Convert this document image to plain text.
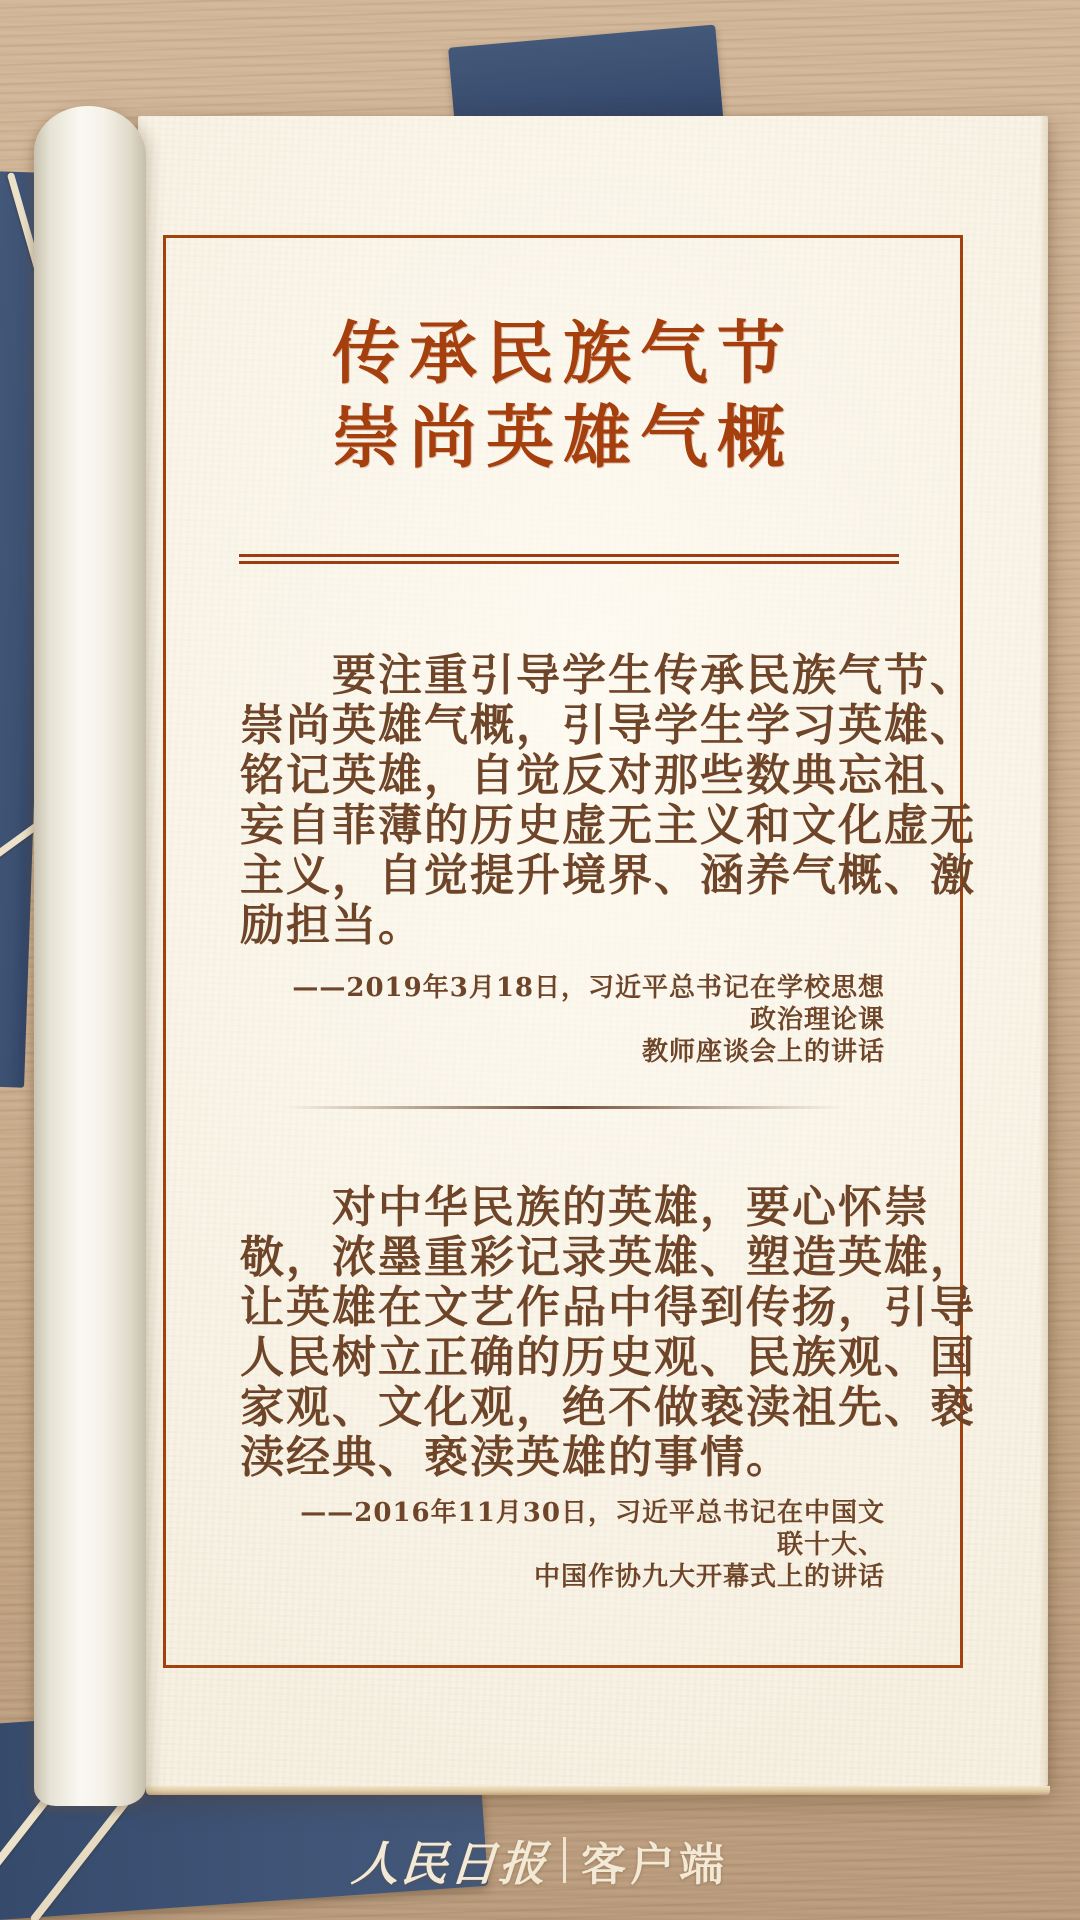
传承民族气节
崇尚英雄气概
要注重引导学生传承民族气节、
崇尚英雄气概，引导学生学习英雄、
铭记英雄，自觉反对那些数典忘祖、
妄自菲薄的历史虚无主义和文化虚无
主义，自觉提升境界、涵养气概、激
励担当。
——2019年3月18日，习近平总书记在学校思想政治理论课
教师座谈会上的讲话
对中华民族的英雄，要心怀崇
敬，浓墨重彩记录英雄、塑造英雄，
让英雄在文艺作品中得到传扬，引导
人民树立正确的历史观、民族观、国
家观、文化观，绝不做亵渎祖先、亵
渎经典、亵渎英雄的事情。
——2016年11月30日，习近平总书记在中国文联十大、
中国作协九大开幕式上的讲话
人民日报 客户端
